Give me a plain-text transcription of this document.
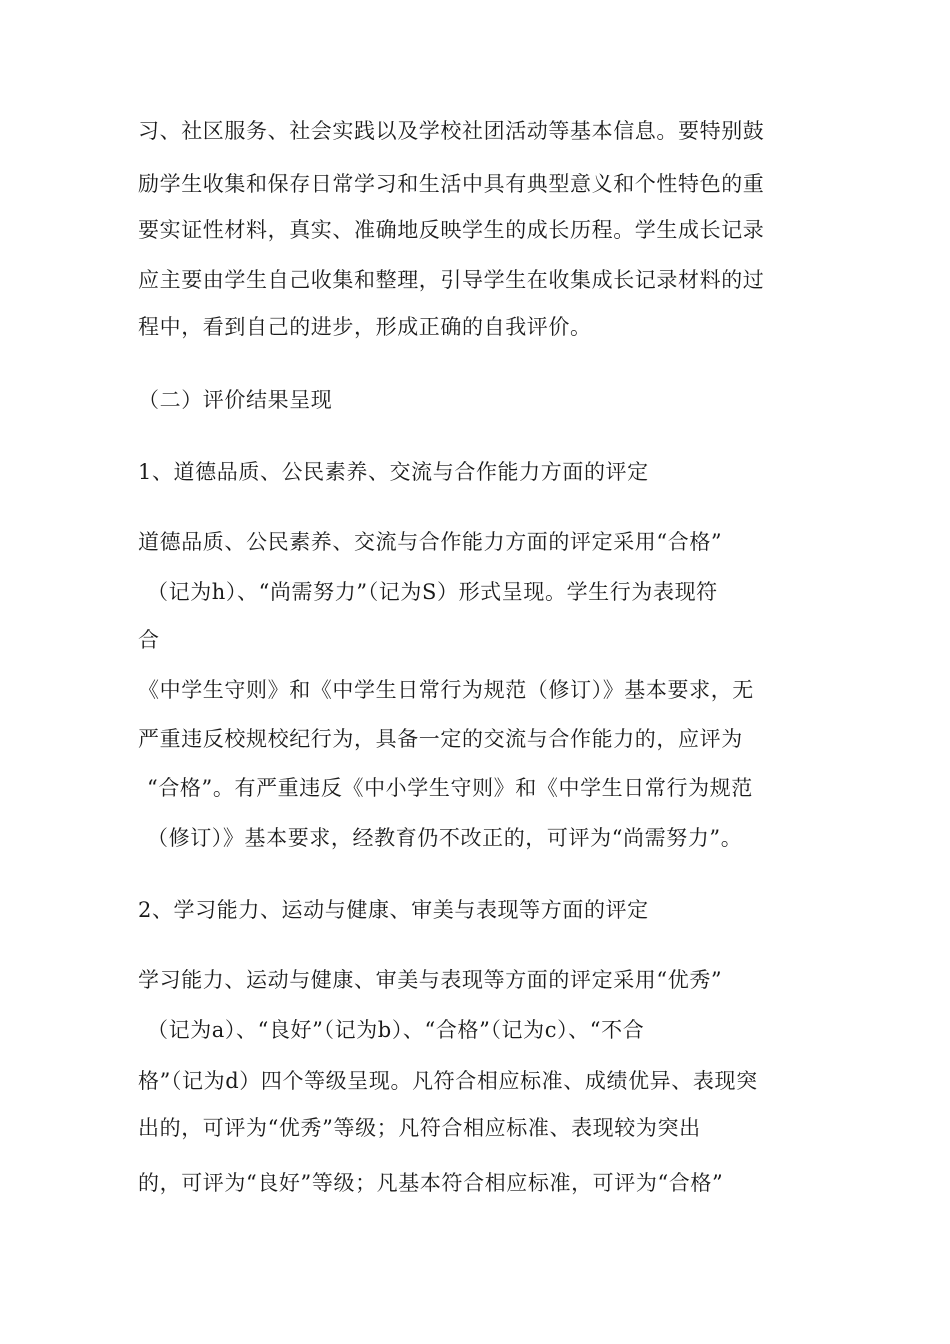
习、社区服务、社会实践以及学校社团活动等基本信息。要特别鼓

励学生收集和保存日常学习和生活中具有典型意义和个性特色的重

要实证性材料，真实、准确地反映学生的成长历程。学生成长记录

应主要由学生自己收集和整理，引导学生在收集成长记录材料的过

程中，看到自己的进步，形成正确的自我评价。

（二）评价结果呈现

1、道德品质、公民素养、交流与合作能力方面的评定

道德品质、公民素养、交流与合作能力方面的评定采用“合格”

（记为h）、“尚需努力”（记为S）形式呈现。学生行为表现符

合

《中学生守则》和《中学生日常行为规范（修订）》基本要求，无

严重违反校规校纪行为，具备一定的交流与合作能力的，应评为

“合格”。有严重违反《中小学生守则》和《中学生日常行为规范

（修订）》基本要求，经教育仍不改正的，可评为“尚需努力”。

2、学习能力、运动与健康、审美与表现等方面的评定

学习能力、运动与健康、审美与表现等方面的评定采用“优秀”

（记为a）、“良好”（记为b）、“合格”（记为c）、“不合

格”（记为d）四个等级呈现。凡符合相应标准、成绩优异、表现突

出的，可评为“优秀”等级；凡符合相应标准、表现较为突出

的，可评为“良好”等级；凡基本符合相应标准，可评为“合格”
